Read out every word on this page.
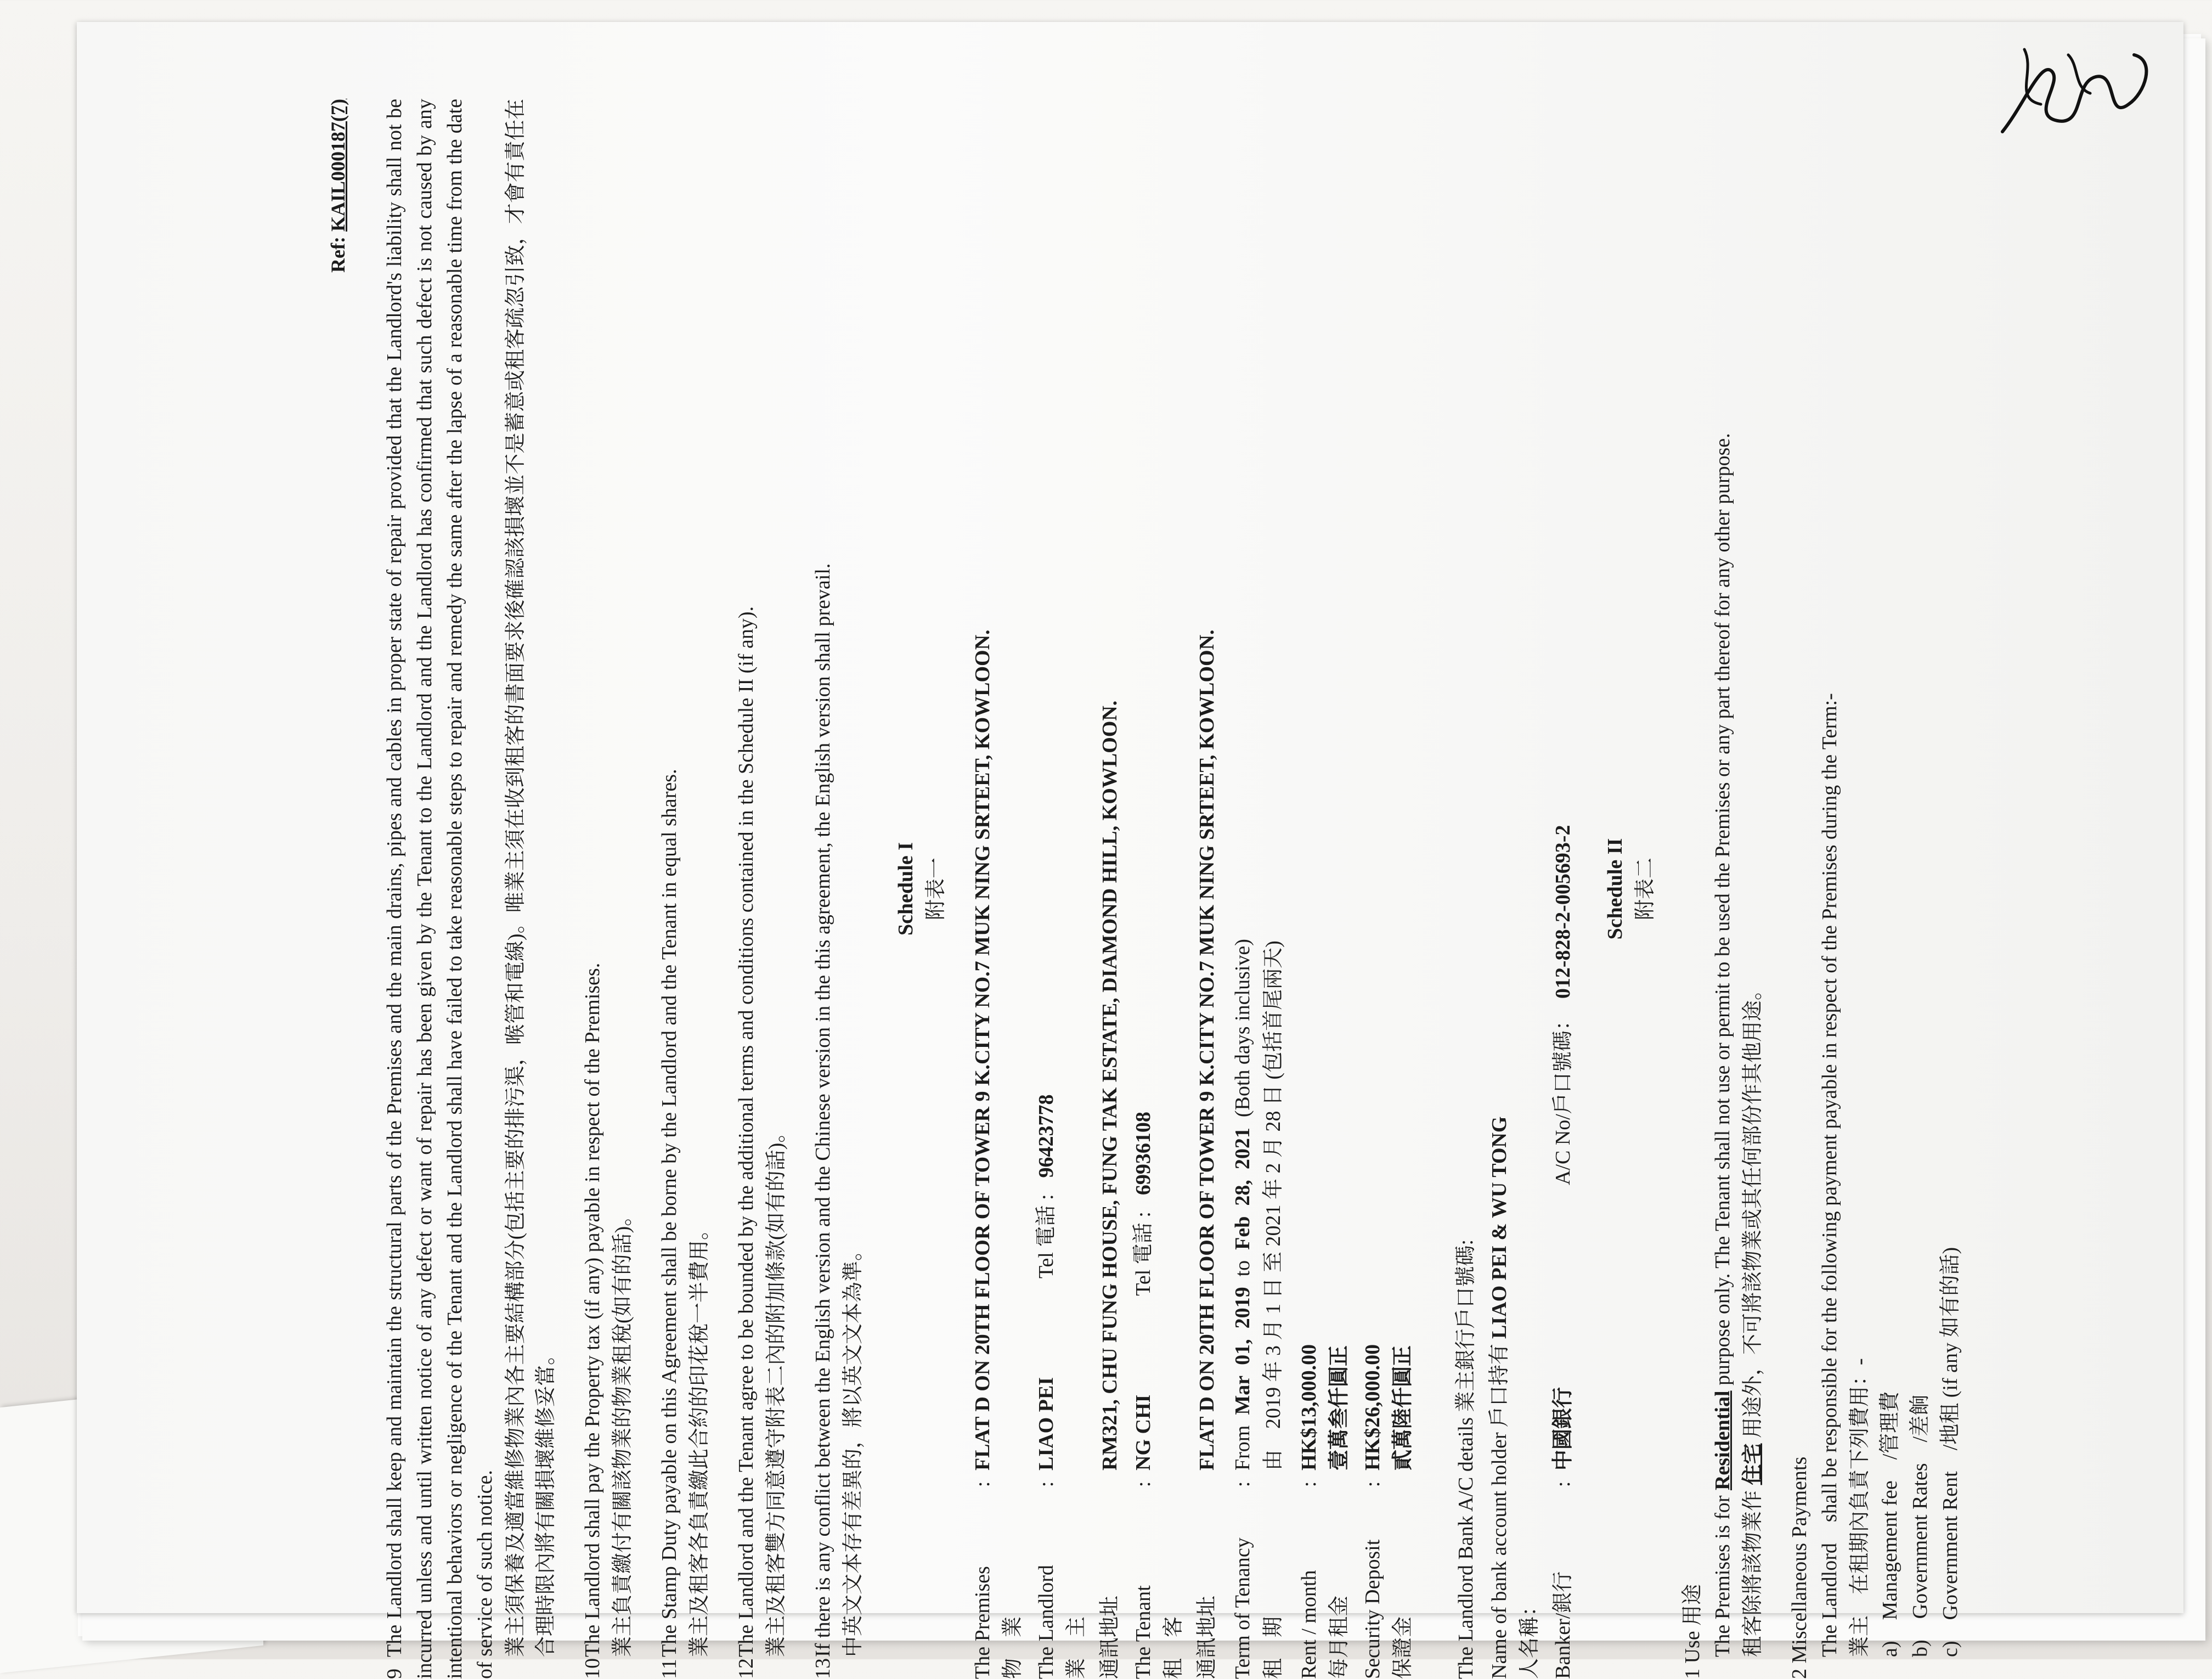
Ref: KAIL000187(7)
9The Landlord shall keep and maintain the structural parts of the Premises and the main drains, pipes and cables in proper state of repair provided that the Landlord's liability shall not be incurred unless and until written notice of any defect or want of repair has been given by the Tenant to the Landlord and the Landlord has confirmed that such defect is not caused by any intentional behaviors or negligence of the Tenant and the Landlord shall have failed to take reasonable steps to repair and remedy the same after the lapse of a reasonable time from the date of service of such notice. 業主須保養及適當維修物業內各主要結構部分(包括主要的排污渠，喉管和電線)。唯業主須在收到租客的書面要求後確認該損壞並不是蓄意或租客疏忽引致，才會有責任在合理時限內將有關損壞維修妥當。
10The Landlord shall pay the Property tax (if any) payable in respect of the Premises. 業主負責繳付有關該物業的物業租稅(如有的話)。
11The Stamp Duty payable on this Agreement shall be borne by the Landlord and the Tenant in equal shares. 業主及租客各負責繳此合約的印花稅一半費用。
12The Landlord and the Tenant agree to be bounded by the additional terms and conditions contained in the Schedule II (if any). 業主及租客雙方同意遵守附表二內的附加條款(如有的話)。
13If there is any conflict between the English version and the Chinese version in the this agreement, the English version shall prevail. 中英文文本存有差異的，將以英文文本為準。
Schedule I 附表一
The Premises 物　業
:
FLAT D ON 20TH FLOOR OF TOWER 9 K.CITY NO.7 MUK NING SRTEET, KOWLOON.
The Landlord 業　主
:
LIAO PEI
Tel 電話 :
96423778
通訊地址
RM321, CHU FUNG HOUSE, FUNG TAK ESTATE, DIAMOND HILL, KOWLOON.
The Tenant 租　客
:
NG CHI
Tel 電話 :
69936108
通訊地址
FLAT D ON 20TH FLOOR OF TOWER 9 K.CITY NO.7 MUK NING SRTEET, KOWLOON.
Term of Tenancy 租　期
:
From  Mar  01,  2019  to  Feb  28,  2021  (Both days inclusive) 由　2019 年 3 月 1 日 至 2021 年 2 月 28 日 (包括首尾兩天)
Rent / month 每月租金
:
HK$13,000.00 壹萬叁仟圓正
Security Deposit 保證金
:
HK$26,000.00 貳萬陸仟圓正 The Landlord Bank A/C details 業主銀行戶口號碼: Name of bank account holder 戶口持有人名稱：
LIAO PEI & WU TONG
Banker/銀行
:
中國銀行
A/C No/戶口號碼：
012-828-2-005693-2 Schedule II 附表二
1 Use 用途 The Premises is for Residential purpose only. The Tenant shall not use or permit to be used the Premises or any part thereof for any other purpose.
租客除將該物業作 住宅 用途外，不可將該物業或其任何部份作其他用途。
2 Miscellaneous Payments The Landlord　shall be responsible for the following payment payable in respect of the Premises during the Term:- 業主　在租期內負責下列費用：- a)　Management fee　/管理費 b)　Government Rates　/差餉 c)　Government Rent　/地租 (if any 如有的話)
